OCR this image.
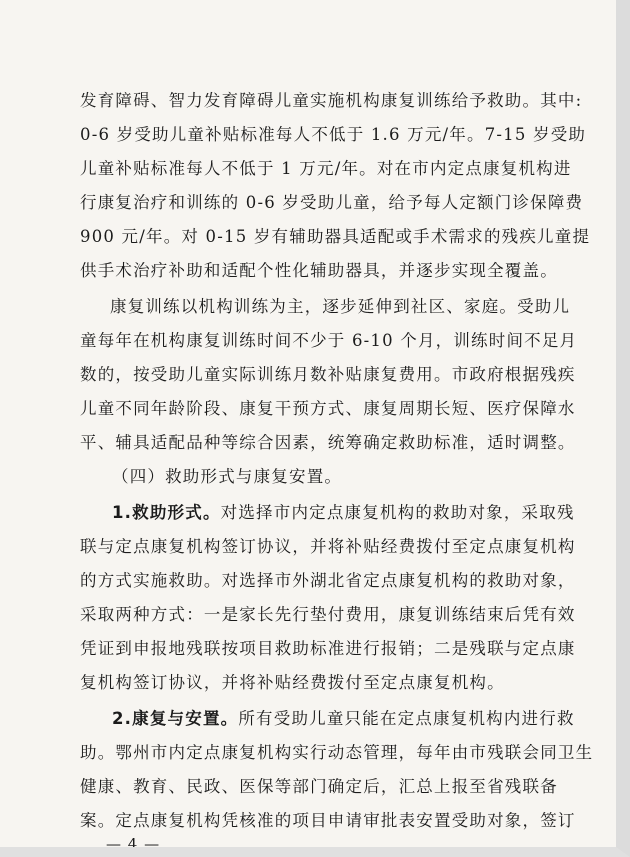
发育障碍、智力发育障碍儿童实施机构康复训练给予救助。其中:
0-6 岁受助儿童补贴标准每人不低于 1.6 万元/年。7-15 岁受助
儿童补贴标准每人不低于 1 万元/年。对在市内定点康复机构进
行康复治疗和训练的 0-6 岁受助儿童，给予每人定额门诊保障费
900 元/年。对 0-15 岁有辅助器具适配或手术需求的残疾儿童提
供手术治疗补助和适配个性化辅助器具，并逐步实现全覆盖。
康复训练以机构训练为主，逐步延伸到社区、家庭。受助儿
童每年在机构康复训练时间不少于 6-10 个月，训练时间不足月
数的，按受助儿童实际训练月数补贴康复费用。市政府根据残疾
儿童不同年龄阶段、康复干预方式、康复周期长短、医疗保障水
平、辅具适配品种等综合因素，统筹确定救助标准，适时调整。
（四）救助形式与康复安置。
1.救助形式。对选择市内定点康复机构的救助对象，采取残
联与定点康复机构签订协议，并将补贴经费拨付至定点康复机构
的方式实施救助。对选择市外湖北省定点康复机构的救助对象，
采取两种方式：一是家长先行垫付费用，康复训练结束后凭有效
凭证到申报地残联按项目救助标准进行报销；二是残联与定点康
复机构签订协议，并将补贴经费拨付至定点康复机构。
2.康复与安置。所有受助儿童只能在定点康复机构内进行救
助。鄂州市内定点康复机构实行动态管理，每年由市残联会同卫生
健康、教育、民政、医保等部门确定后，汇总上报至省残联备
案。定点康复机构凭核准的项目申请审批表安置受助对象，签订
— 4 —
